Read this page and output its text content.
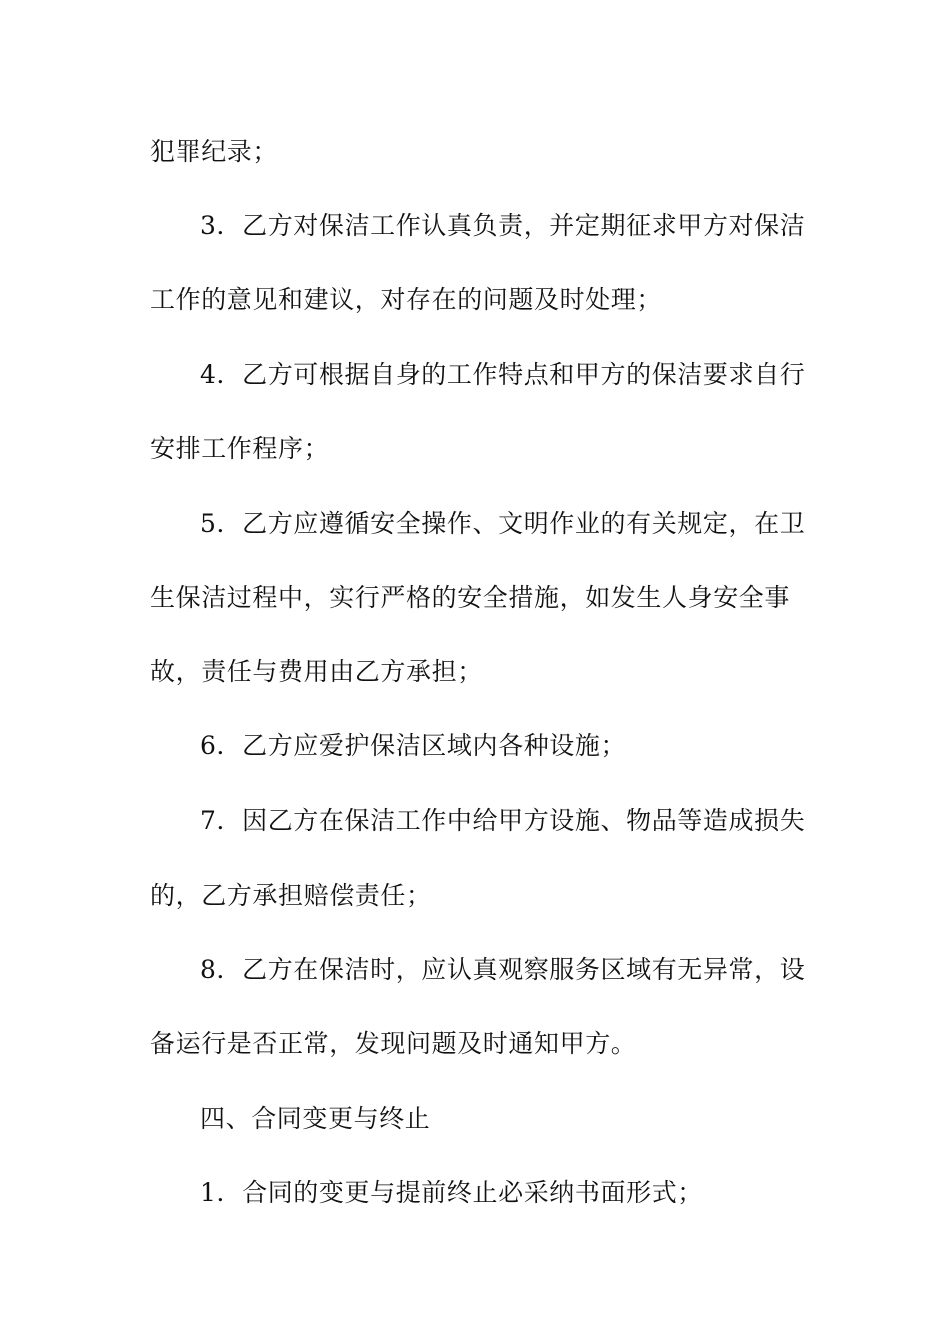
犯罪纪录；
3．乙方对保洁工作认真负责，并定期征求甲方对保洁
工作的意见和建议，对存在的问题及时处理；
4．乙方可根据自身的工作特点和甲方的保洁要求自行
安排工作程序；
5．乙方应遵循安全操作、文明作业的有关规定，在卫
生保洁过程中，实行严格的安全措施，如发生人身安全事
故，责任与费用由乙方承担；
6．乙方应爱护保洁区域内各种设施；
7．因乙方在保洁工作中给甲方设施、物品等造成损失
的，乙方承担赔偿责任；
8．乙方在保洁时，应认真观察服务区域有无异常，设
备运行是否正常，发现问题及时通知甲方。
四、合同变更与终止
1．合同的变更与提前终止必采纳书面形式；
